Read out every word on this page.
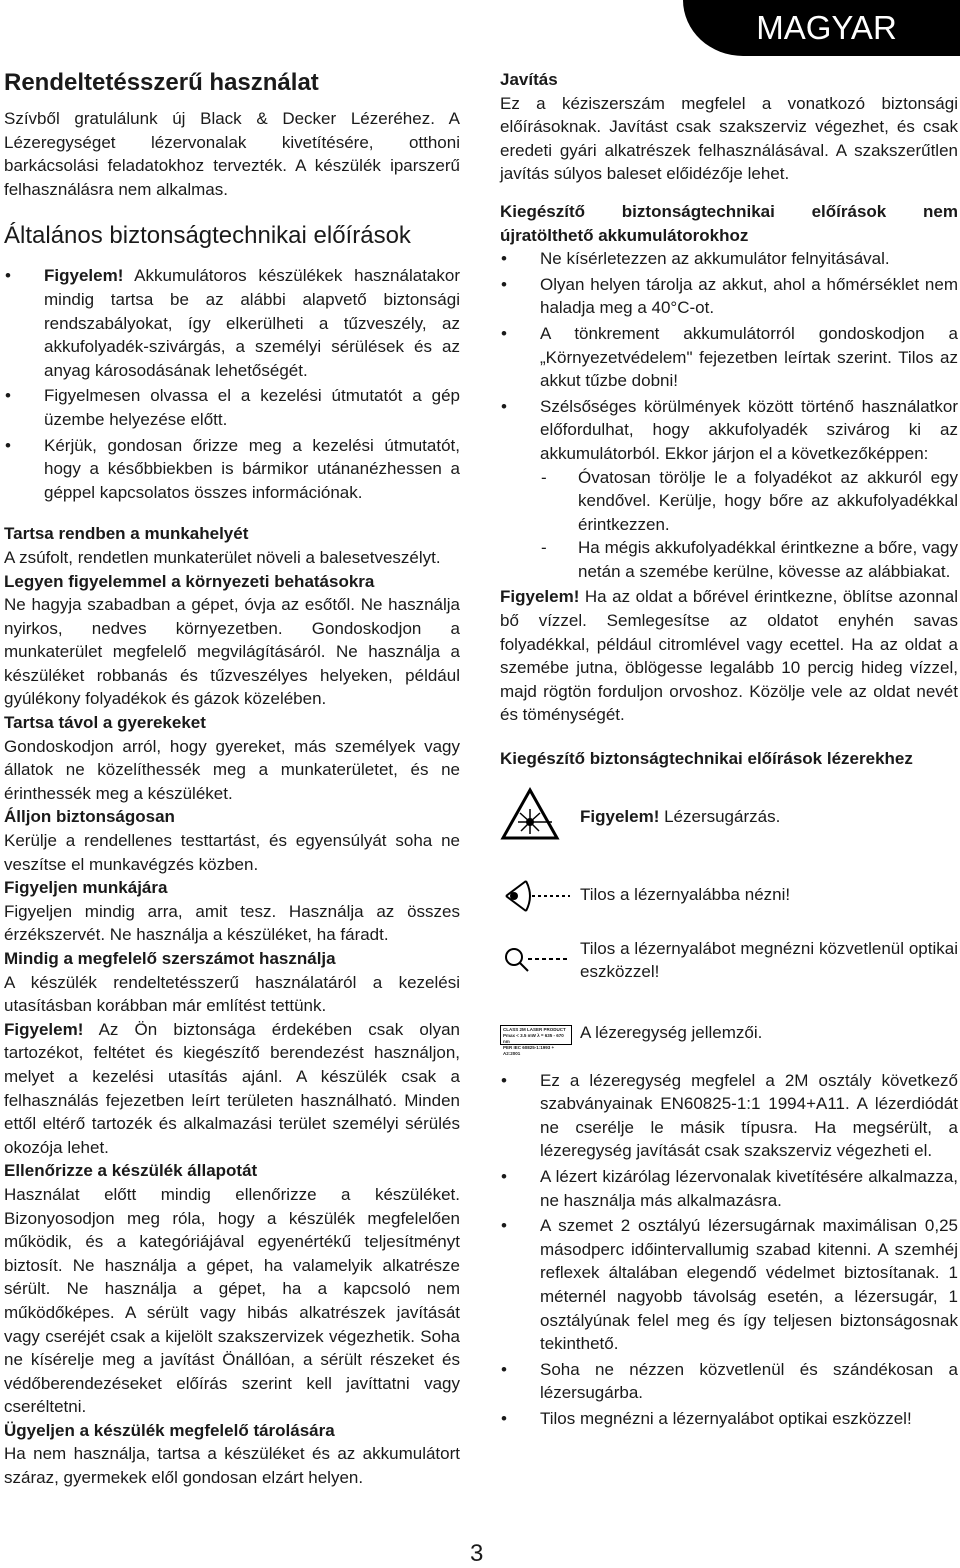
MAGYAR
Rendeltetésszerű használat

Szívből gratulálunk új Black & Decker Lézeréhez. A Lézeregységet lézervonalak kivetítésére, otthoni barkácsolási feladatokhoz tervezték. A készülék iparszerű felhasználásra nem alkalmas.

Általános biztonságtechnikai előírások
• Figyelem! Akkumulátoros készülékek használatakor mindig tartsa be az alábbi alapvető biztonsági rendszabályokat, így elkerülheti a tűzveszély, az akkufolyadék-szivárgás, a személyi sérülések és az anyag károsodásának lehetőségét.
• Figyelmesen olvassa el a kezelési útmutatót a gép üzembe helyezése előtt.
• Kérjük, gondosan őrizze meg a kezelési útmutatót, hogy a későbbiekben is bármikor utánanézhessen a géppel kapcsolatos összes információnak.
Tartsa rendben a munkahelyét

A zsúfolt, rendetlen munkaterület növeli a balesetveszélyt.

Legyen figyelemmel a környezeti behatásokra

Ne hagyja szabadban a gépet, óvja az esőtől. Ne használja nyirkos, nedves környezetben. Gondoskodjon a munkaterület megfelelő megvilágításáról. Ne használja a készüléket robbanás és tűzveszélyes helyeken, például gyúlékony folyadékok és gázok közelében.

Tartsa távol a gyerekeket

Gondoskodjon arról, hogy gyereket, más személyek vagy állatok ne közelíthessék meg a munkaterületet, és ne érinthessék meg a készüléket.

Álljon biztonságosan

Kerülje a rendellenes testtartást, és egyensúlyát soha ne veszítse el munkavégzés közben.

Figyeljen munkájára

Figyeljen mindig arra, amit tesz. Használja az összes érzékszervét. Ne használja a készüléket, ha fáradt.

Mindig a megfelelő szerszámot használja

A készülék rendeltetésszerű használatáról a kezelési utasításban korábban már említést tettünk.

Figyelem! Az Ön biztonsága érdekében csak olyan tartozékot, feltétet és kiegészítő berendezést használjon, melyet a kezelési utasítás ajánl. A készülék csak a felhasználás fejezetben leírt területen használható. Minden ettől eltérő tartozék és alkalmazási terület személyi sérülés okozója lehet.

Ellenőrizze a készülék állapotát

Használat előtt mindig ellenőrizze a készüléket. Bizonyosodjon meg róla, hogy a készülék megfelelően működik, és a kategóriájával egyenértékű teljesítményt biztosít. Ne használja a gépet, ha valamelyik alkatrésze sérült. Ne használja a gépet, ha a kapcsoló nem működőképes. A sérült vagy hibás alkatrészek javítását vagy cseréjét csak a kijelölt szakszervizek végezhetik. Soha ne kísérelje meg a javítást Önállóan, a sérült részeket és védőberendezéseket előírás szerint kell javíttatni vagy cseréltetni.

Ügyeljen a készülék megfelelő tárolására

Ha nem használja, tartsa a készüléket és az akkumulátort száraz, gyermekek elől gondosan elzárt helyen.

Javítás

Ez a kéziszerszám megfelel a vonatkozó biztonsági előírásoknak. Javítást csak szakszerviz végezhet, és csak eredeti gyári alkatrészek felhasználásával. A szakszerűtlen javítás súlyos baleset előidézője lehet.

Kiegészítő biztonságtechnikai előírások nem újratölthető akkumulátorokhoz
• Ne kísérletezzen az akkumulátor felnyitásával.
• Olyan helyen tárolja az akkut, ahol a hőmérséklet nem haladja meg a 40°C-ot.
• A tönkrement akkumulátorról gondoskodjon a „Környezetvédelem" fejezetben leírtak szerint. Tilos az akkut tűzbe dobni!
• Szélsőséges körülmények között történő használatkor előfordulhat, hogy akkufolyadék szivárog ki az akkumulátorból. Ekkor járjon el a következőképpen:
- Óvatosan törölje le a folyadékot az akkuról egy kendővel. Kerülje, hogy bőre az akkufolyadékkal érintkezzen.
- Ha mégis akkufolyadékkal érintkezne a bőre, vagy netán a szemébe kerülne, kövesse az alábbiakat.

Figyelem! Ha az oldat a bőrével érintkezne, öblítse azonnal bő vízzel. Semlegesítse az oldatot enyhén savas folyadékkal, például citromlével vagy ecettel. Ha az oldat a szemébe jutna, öblögesse legalább 10 percig hideg vízzel, majd rögtön forduljon orvoshoz. Közölje vele az oldat nevét és töménységét.

Kiegészítő biztonságtechnikai előírások lézerekhez
Figyelem! Lézersugárzás.
Tilos a lézernyalábba nézni!
Tilos a lézernyalábot megnézni közvetlenül optikai eszközzel!
CLASS 2M LASER PRODUCT
Pmax < 3.5 mW λ = 635 - 670 nm
PER IEC 60825-1:1993 + A2:2001
A lézeregység jellemzői.
• Ez a lézeregység megfelel a 2M osztály következő szabványainak EN60825-1:1 1994+A11. A lézerdiódát ne cserélje le másik típusra. Ha megsérült, a lézeregység javítását csak szakszerviz végezheti el.
• A lézert kizárólag lézervonalak kivetítésére alkalmazza, ne használja más alkalmazásra.
• A szemet 2 osztályú lézersugárnak maximálisan 0,25 másodperc időintervallumig szabad kitenni. A szemhéj reflexek általában elegendő védelmet biztosítanak. 1 méternél nagyobb távolság esetén, a lézersugár, 1 osztályúnak felel meg és így teljesen biztonságosnak tekinthető.
• Soha ne nézzen közvetlenül és szándékosan a lézersugárba.
• Tilos megnézni a lézernyalábot optikai eszközzel!
3
